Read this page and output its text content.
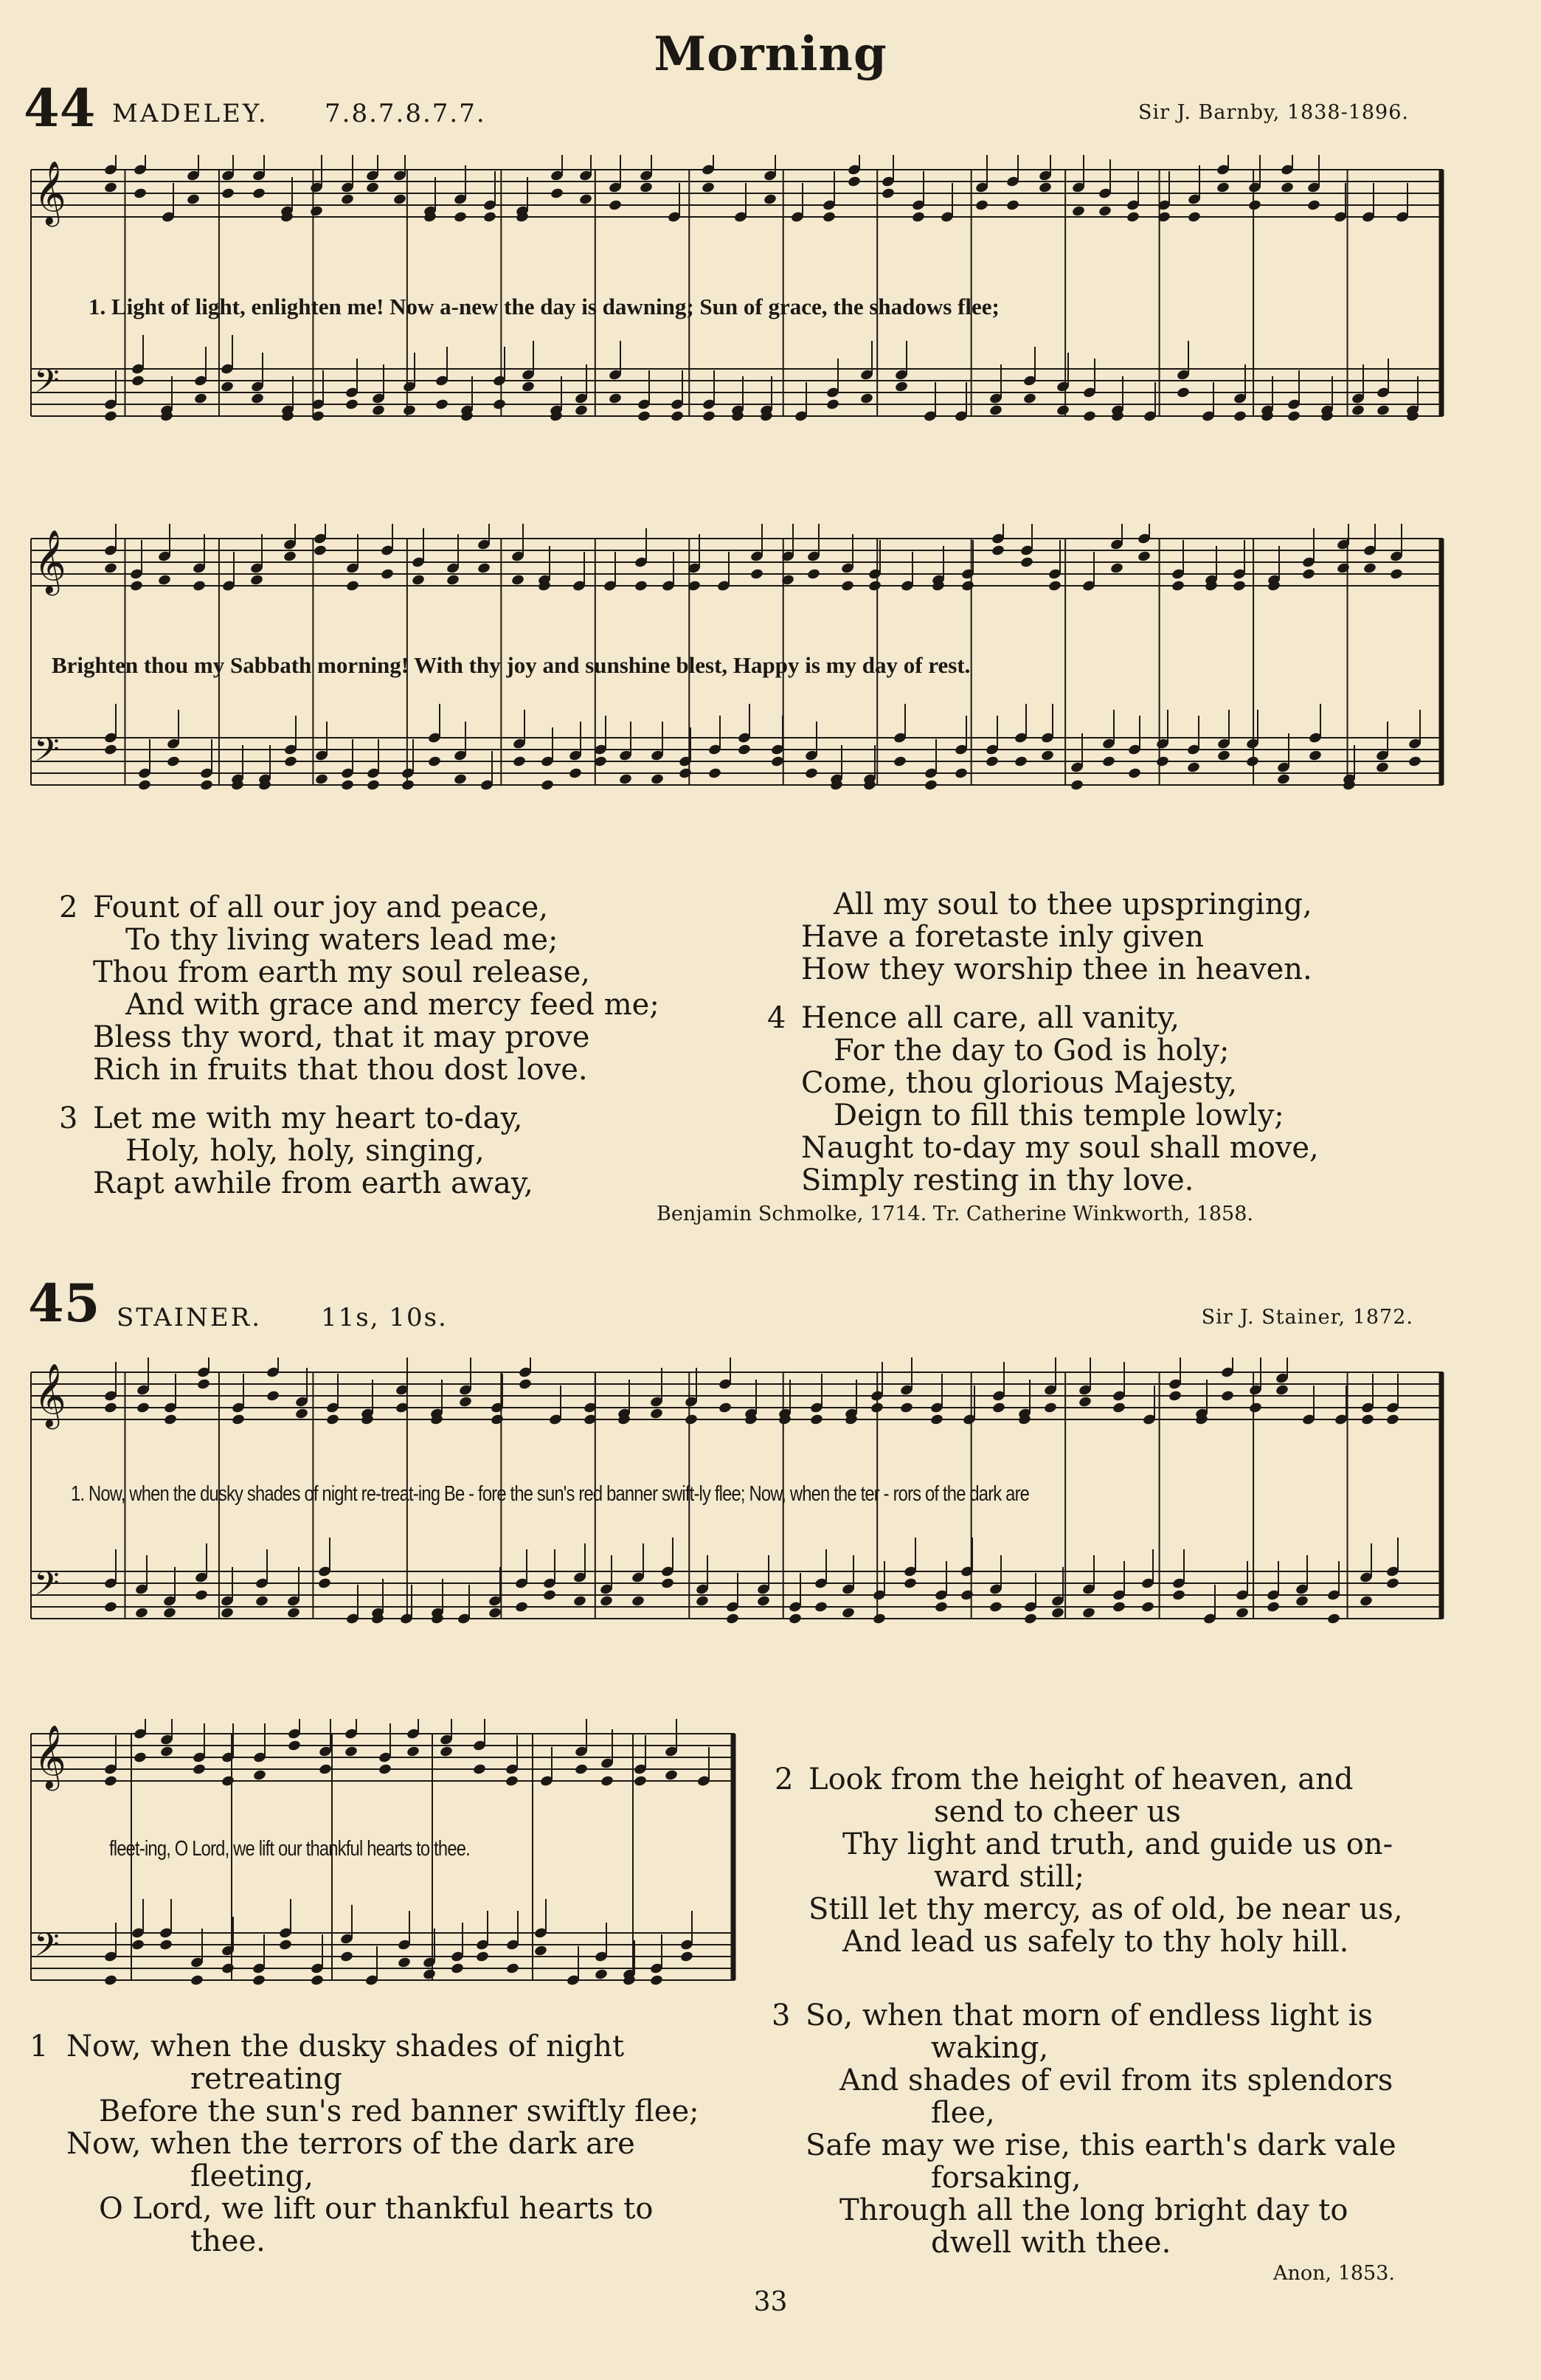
Morning
44 MADELEY. 7.8.7.8.7.7.	Sir J. Barnby, 1838-1896.
𝄞
𝄢
1. Light of light, enlighten me! Now a-new the day is dawning; Sun of grace, the shadows flee;
𝄞
𝄢
Brighten thou my Sabbath morning! With thy joy and sunshine blest, Happy is my day of rest.
2 Fount of all our joy and peace,
To thy living waters lead me;
Thou from earth my soul release,
And with grace and mercy feed me;
Bless thy word, that it may prove
Rich in fruits that thou dost love.
3 Let me with my heart to-day,
Holy, holy, holy, singing,
Rapt awhile from earth away,
All my soul to thee upspringing,
Have a foretaste inly given
How they worship thee in heaven.
4 Hence all care, all vanity,
For the day to God is holy;
Come, thou glorious Majesty,
Deign to fill this temple lowly;
Naught to-day my soul shall move,
Simply resting in thy love.
Benjamin Schmolke, 1714. Tr. Catherine Winkworth, 1858.
45 STAINER. 11s, 10s.	Sir J. Stainer, 1872.
𝄞
𝄢
1. Now, when the dusky shades of night re-treat-ing Be - fore the sun's red banner swift-ly flee; Now, when the ter - rors of the dark are
𝄞
𝄢
fleet-ing, O Lord, we lift our thankful hearts to thee.
1 Now, when the dusky shades of night
retreating
Before the sun's red banner swiftly flee;
Now, when the terrors of the dark are
fleeting,
O Lord, we lift our thankful hearts to
thee.
2 Look from the height of heaven, and
send to cheer us
Thy light and truth, and guide us on-
ward still;
Still let thy mercy, as of old, be near us,
And lead us safely to thy holy hill.
3 So, when that morn of endless light is
waking,
And shades of evil from its splendors
flee,
Safe may we rise, this earth's dark vale
forsaking,
Through all the long bright day to
dwell with thee.
Anon, 1853.
33
